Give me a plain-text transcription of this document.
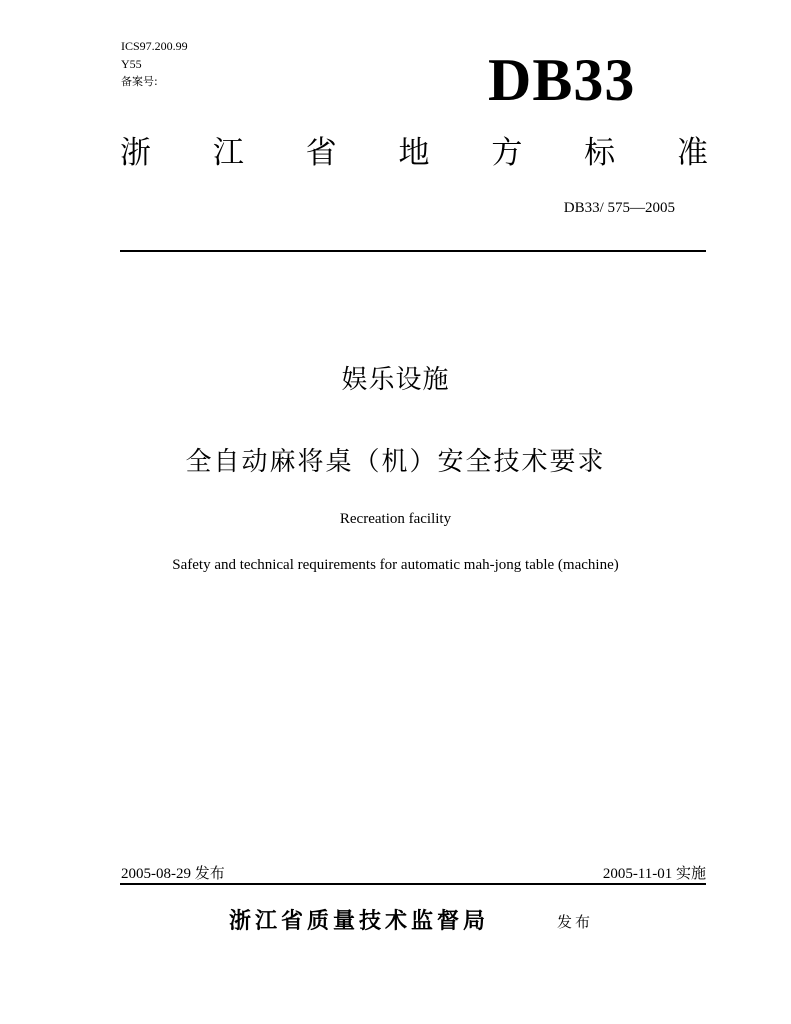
ICS97.200.99
Y55
备案号:	DB33
浙 江 省 地 方 标 准
DB33/ 575—2005
娱乐设施
全自动麻将桌（机）安全技术要求
Recreation facility
Safety and technical requirements for automatic mah-jong table (machine)
2005-08-29 发布	2005-11-01 实施
浙江省质量技术监督局	发布
